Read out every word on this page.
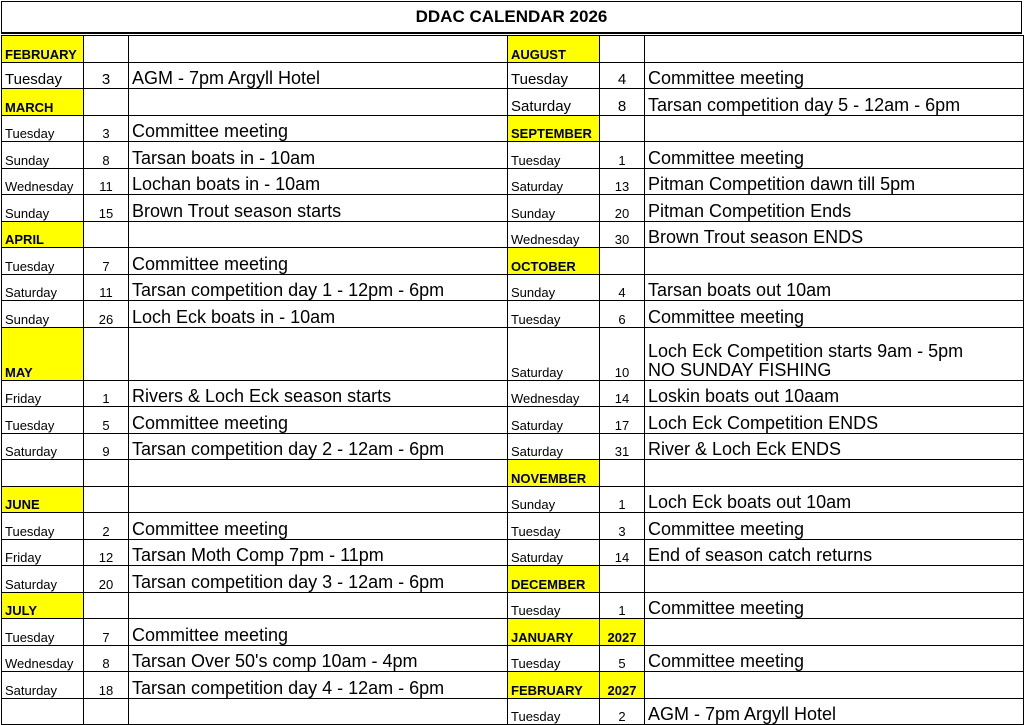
DDAC CALENDAR 2026
FEBRUARY		
Tuesday	3	AGM - 7pm Argyll Hotel

MARCH		
Tuesday	3	Committee meeting

Sunday	8	Tarsan boats in - 10am

Wednesday	11	Lochan boats in - 10am

Sunday	15	Brown Trout season starts

APRIL		
Tuesday	7	Committee meeting

Saturday	11	Tarsan competition day 1 - 12pm - 6pm

Sunday	26	Loch Eck boats in - 10am

MAY		
Friday	1	Rivers & Loch Eck season starts

Tuesday	5	Committee meeting

Saturday	9	Tarsan competition day 2 - 12am - 6pm

JUNE		
Tuesday	2	Committee meeting

Friday	12	Tarsan Moth Comp 7pm - 11pm

Saturday	20	Tarsan competition day 3 - 12am - 6pm

JULY		
Tuesday	7	Committee meeting

Wednesday	8	Tarsan Over 50's comp 10am - 4pm

Saturday	18	Tarsan competition day 4 - 12am - 6pm

AUGUST		
Tuesday	4	Committee meeting

Saturday	8	Tarsan competition day 5 - 12am - 6pm

SEPTEMBER		
Tuesday	1	Committee meeting

Saturday	13	Pitman Competition dawn till 5pm

Sunday	20	Pitman Competition Ends

Wednesday	30	Brown Trout season ENDS

OCTOBER		
Sunday	4	Tarsan boats out 10am

Tuesday	6	Committee meeting

Saturday	10	Loch Eck Competition starts 9am - 5pm
NO SUNDAY FISHING

Wednesday	14	Loskin boats out 10aam

Saturday	17	Loch Eck Competition ENDS

Saturday	31	River & Loch Eck ENDS

NOVEMBER		
Sunday	1	Loch Eck boats out 10am

Tuesday	3	Committee meeting

Saturday	14	End of season catch returns

DECEMBER		
Tuesday	1	Committee meeting

JANUARY	2027	
Tuesday	5	Committee meeting

FEBRUARY	2027	
Tuesday	2	AGM - 7pm Argyll Hotel
